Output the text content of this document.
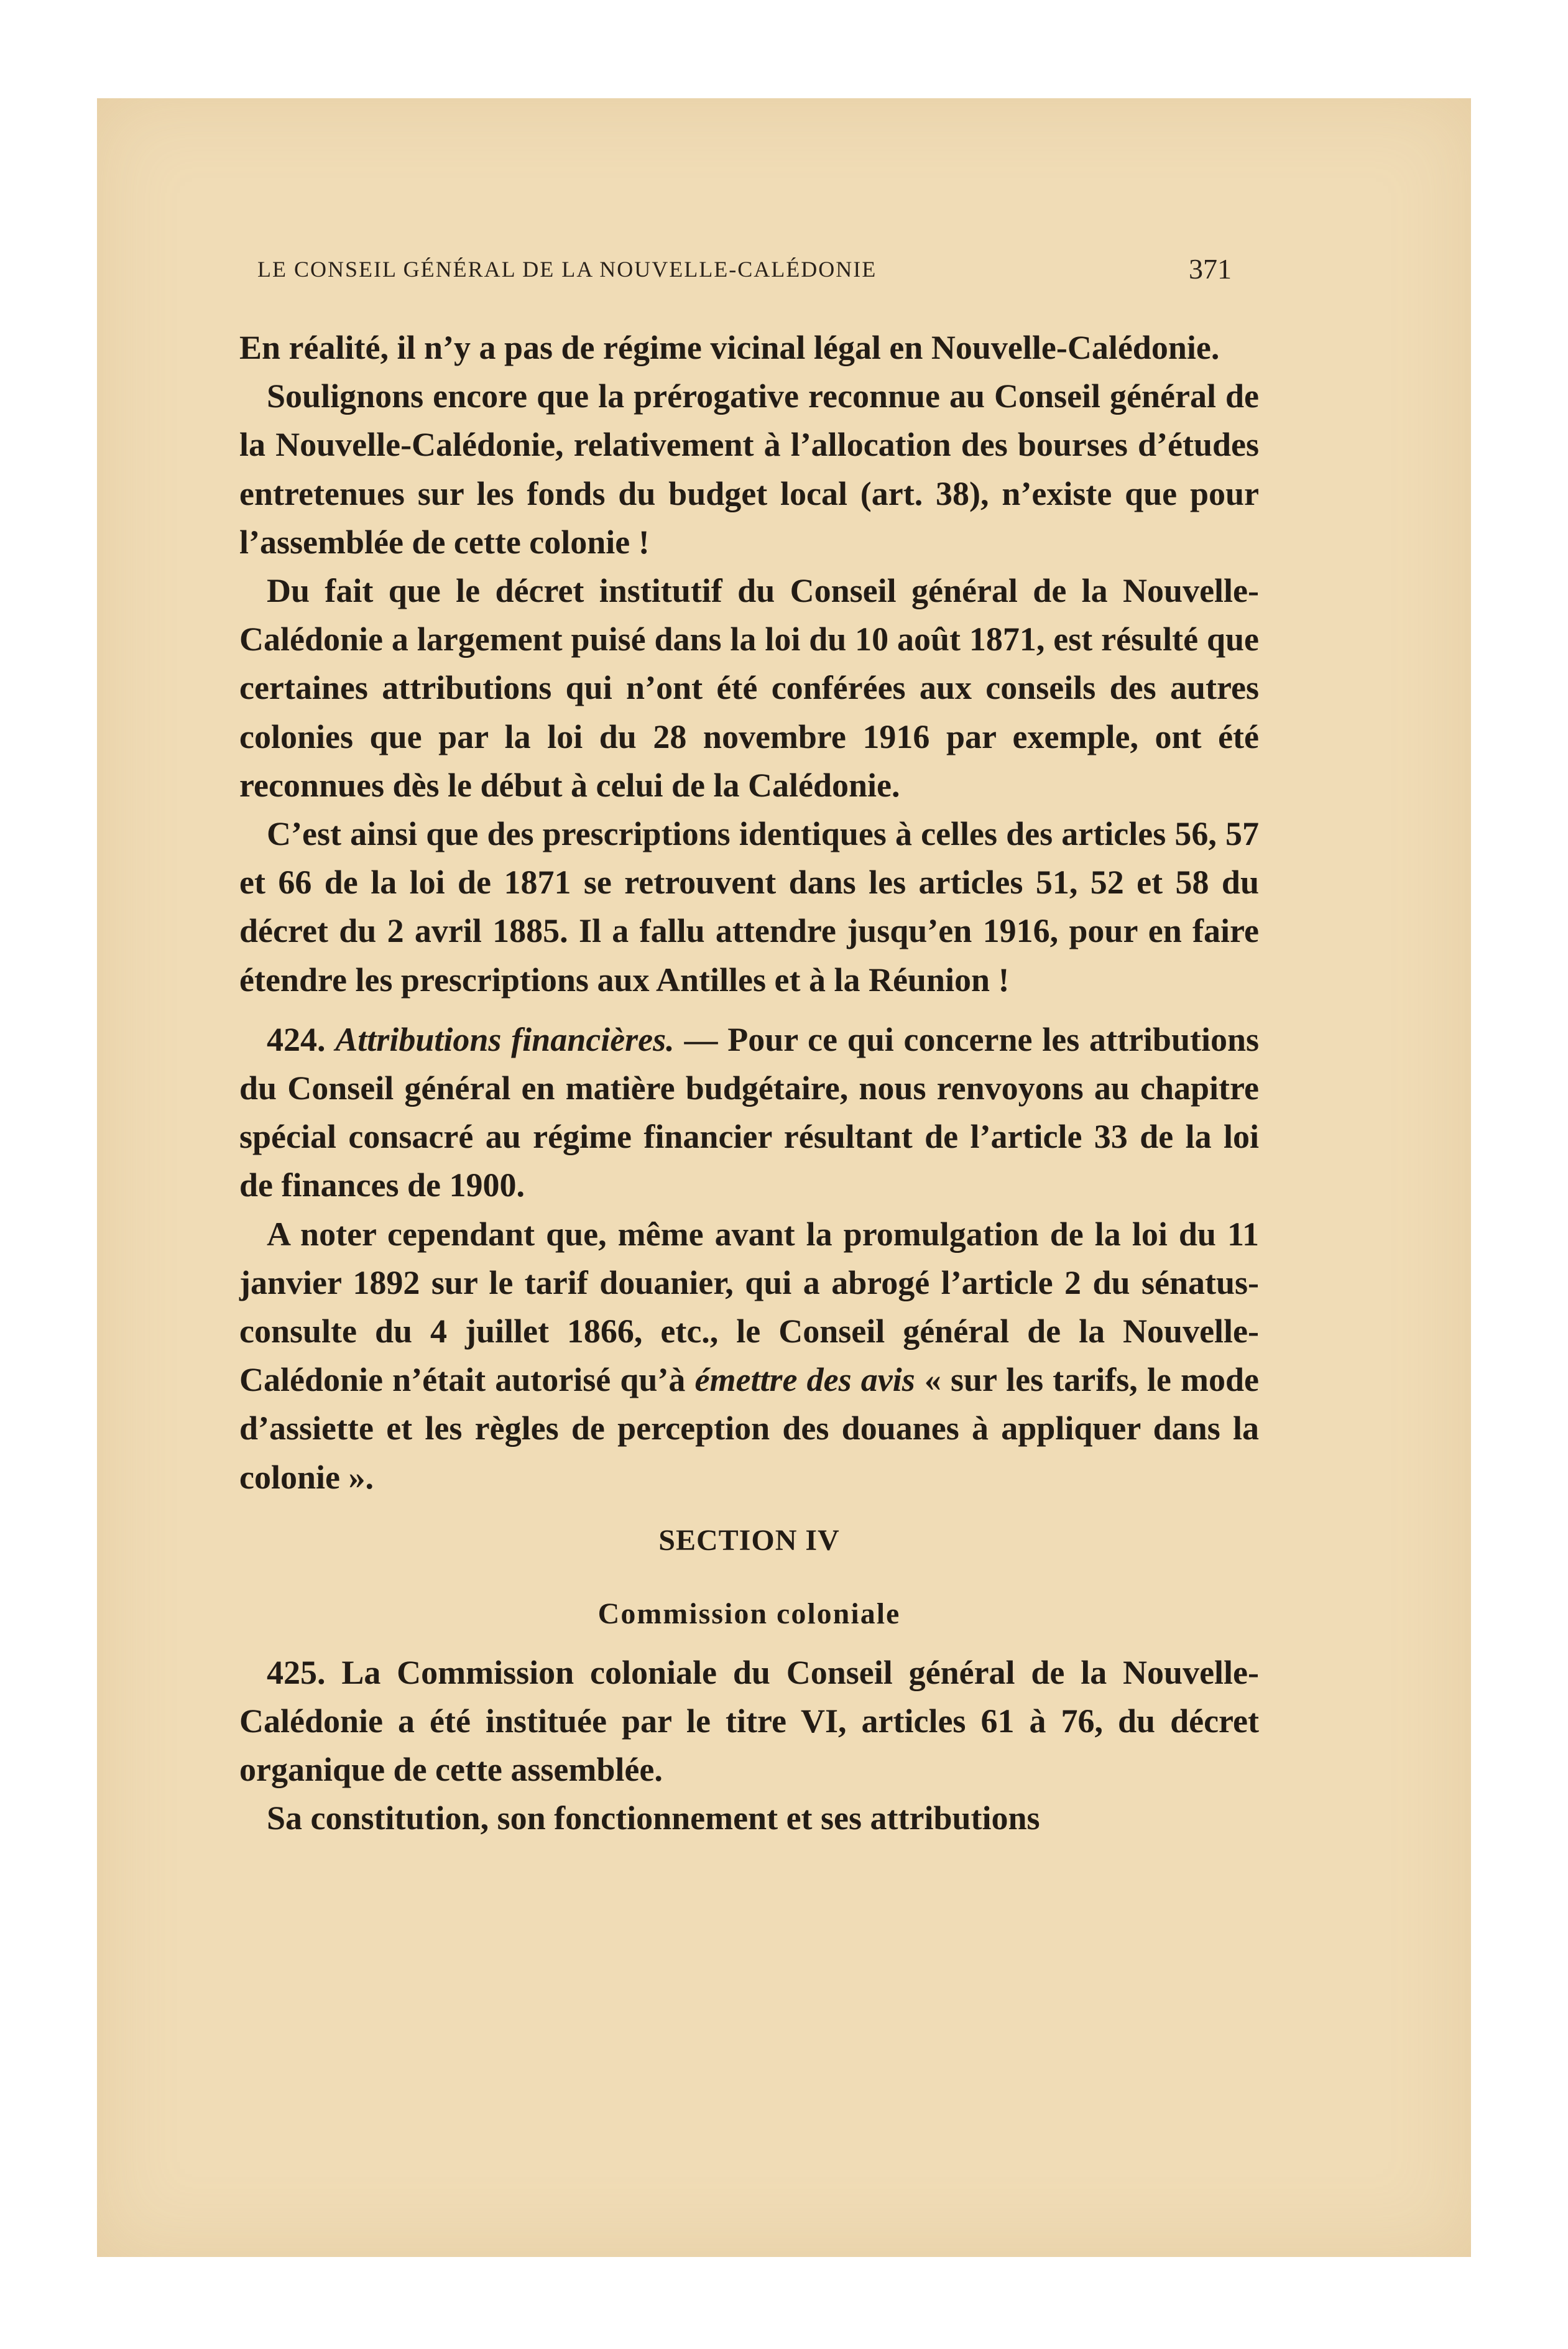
LE CONSEIL GÉNÉRAL DE LA NOUVELLE-CALÉDONIE	371

En réalité, il n’y a pas de régime vicinal légal en Nouvelle-Calédonie.

Soulignons encore que la prérogative reconnue au Conseil général de la Nouvelle-Calédonie, relativement à l’allocation des bourses d’études entretenues sur les fonds du budget local (art. 38), n’existe que pour l’assemblée de cette colonie !

Du fait que le décret institutif du Conseil général de la Nouvelle-Calédonie a largement puisé dans la loi du 10 août 1871, est résulté que certaines attributions qui n’ont été conférées aux conseils des autres colonies que par la loi du 28 novembre 1916 par exemple, ont été reconnues dès le début à celui de la Calédonie.

C’est ainsi que des prescriptions identiques à celles des articles 56, 57 et 66 de la loi de 1871 se retrouvent dans les articles 51, 52 et 58 du décret du 2 avril 1885. Il a fallu attendre jusqu’en 1916, pour en faire étendre les prescriptions aux Antilles et à la Réunion !

424. Attributions financières. — Pour ce qui concerne les attributions du Conseil général en matière budgétaire, nous renvoyons au chapitre spécial consacré au régime financier résultant de l’article 33 de la loi de finances de 1900.

A noter cependant que, même avant la promulgation de la loi du 11 janvier 1892 sur le tarif douanier, qui a abrogé l’article 2 du sénatus-consulte du 4 juillet 1866, etc., le Conseil général de la Nouvelle-Calédonie n’était autorisé qu’à émettre des avis « sur les tarifs, le mode d’assiette et les règles de perception des douanes à appliquer dans la colonie ».

SECTION IV

Commission coloniale

425. La Commission coloniale du Conseil général de la Nouvelle-Calédonie a été instituée par le titre VI, articles 61 à 76, du décret organique de cette assemblée.

Sa constitution, son fonctionnement et ses attributions
